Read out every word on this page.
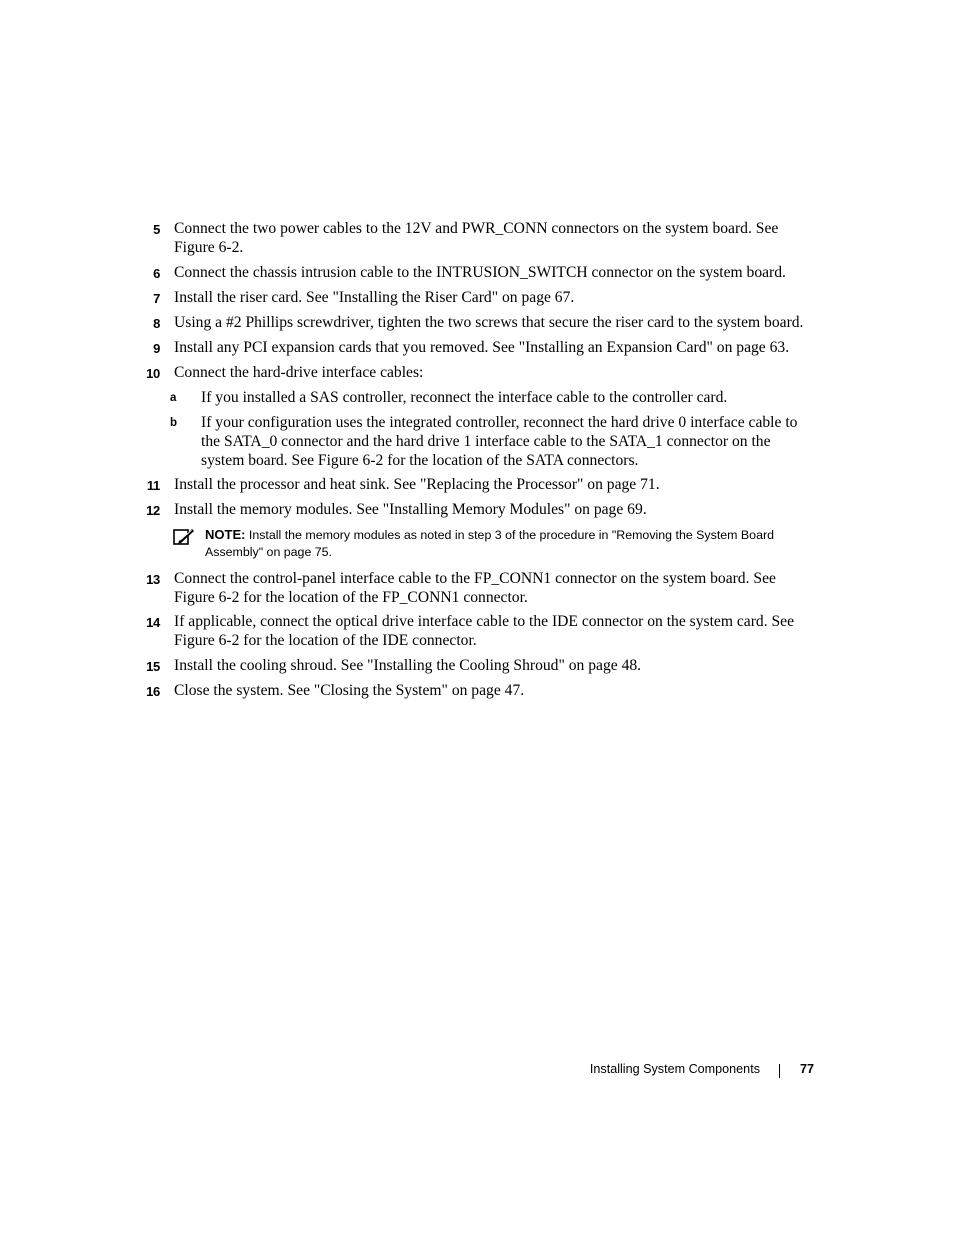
5 Connect the two power cables to the 12V and PWR_CONN connectors on the system board. See Figure 6-2.
6 Connect the chassis intrusion cable to the INTRUSION_SWITCH connector on the system board.
7 Install the riser card. See "Installing the Riser Card" on page 67.
8 Using a #2 Phillips screwdriver, tighten the two screws that secure the riser card to the system board.
9 Install any PCI expansion cards that you removed. See "Installing an Expansion Card" on page 63.
10 Connect the hard-drive interface cables:
a	If you installed a SAS controller, reconnect the interface cable to the controller card.
b	If your configuration uses the integrated controller, reconnect the hard drive 0 interface cable to the SATA_0 connector and the hard drive 1 interface cable to the SATA_1 connector on the system board. See Figure 6-2 for the location of the SATA connectors.
11 Install the processor and heat sink. See "Replacing the Processor" on page 71.
12 Install the memory modules. See "Installing Memory Modules" on page 69.
NOTE: Install the memory modules as noted in step 3 of the procedure in "Removing the System Board Assembly" on page 75.
13 Connect the control-panel interface cable to the FP_CONN1 connector on the system board. See Figure 6-2 for the location of the FP_CONN1 connector.
14 If applicable, connect the optical drive interface cable to the IDE connector on the system card. See Figure 6-2 for the location of the IDE connector.
15 Install the cooling shroud. See "Installing the Cooling Shroud" on page 48.
16 Close the system. See "Closing the System" on page 47.
Installing System Components	77
